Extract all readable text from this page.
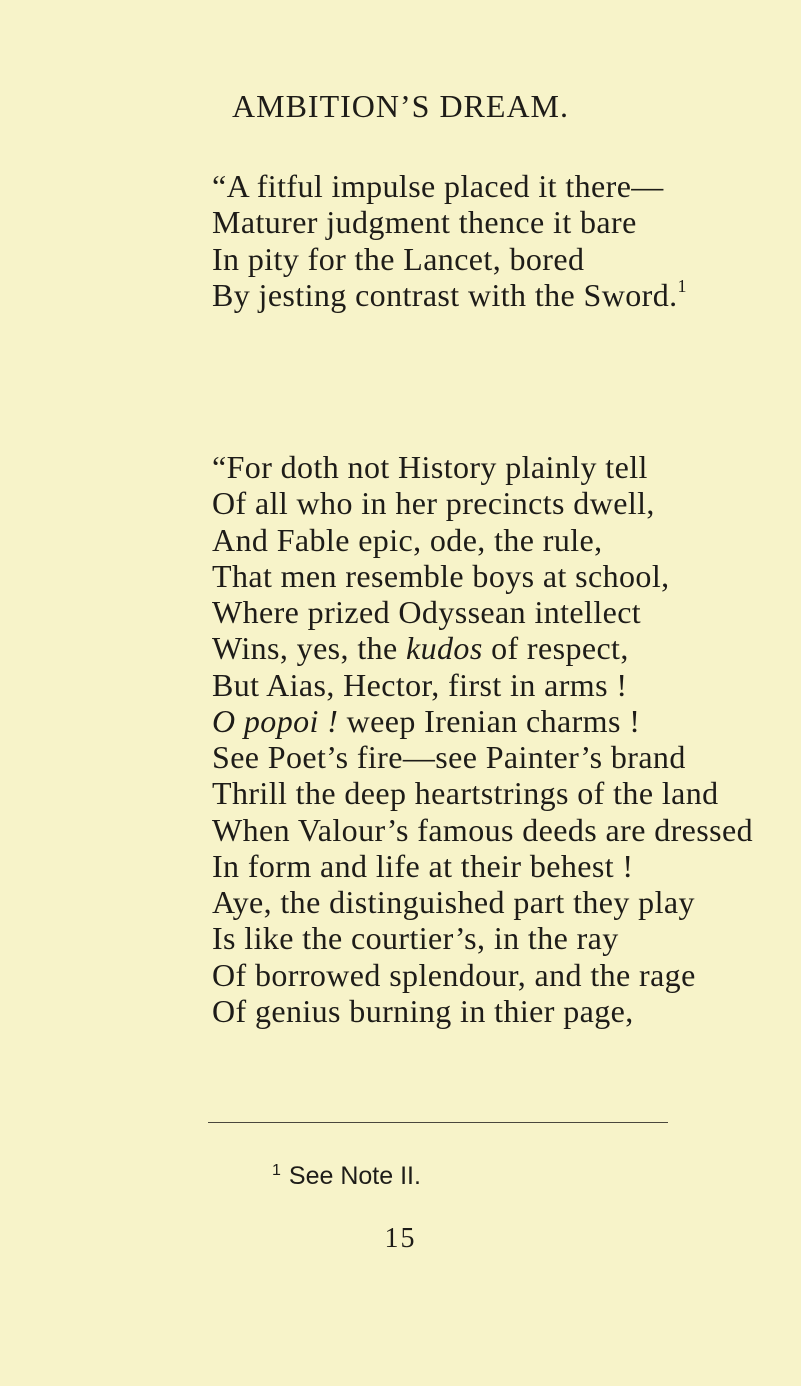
AMBITION’S DREAM.
“A fitful impulse placed it there—
Maturer judgment thence it bare
In pity for the Lancet, bored
By jesting contrast with the Sword.$^1$
“For doth not History plainly tell
Of all who in her precincts dwell,
And Fable epic, ode, the rule,
That men resemble boys at school,
Where prized Odyssean intellect
Wins, yes, the kudos of respect,
But Aias, Hector, first in arms !
O popoi ! weep Irenian charms !
See Poet’s fire—see Painter’s brand
Thrill the deep heartstrings of the land
When Valour’s famous deeds are dressed
In form and life at their behest !
Aye, the distinguished part they play
Is like the courtier’s, in the ray
Of borrowed splendour, and the rage
Of genius burning in thier page,
$^1$ See Note II.
15
